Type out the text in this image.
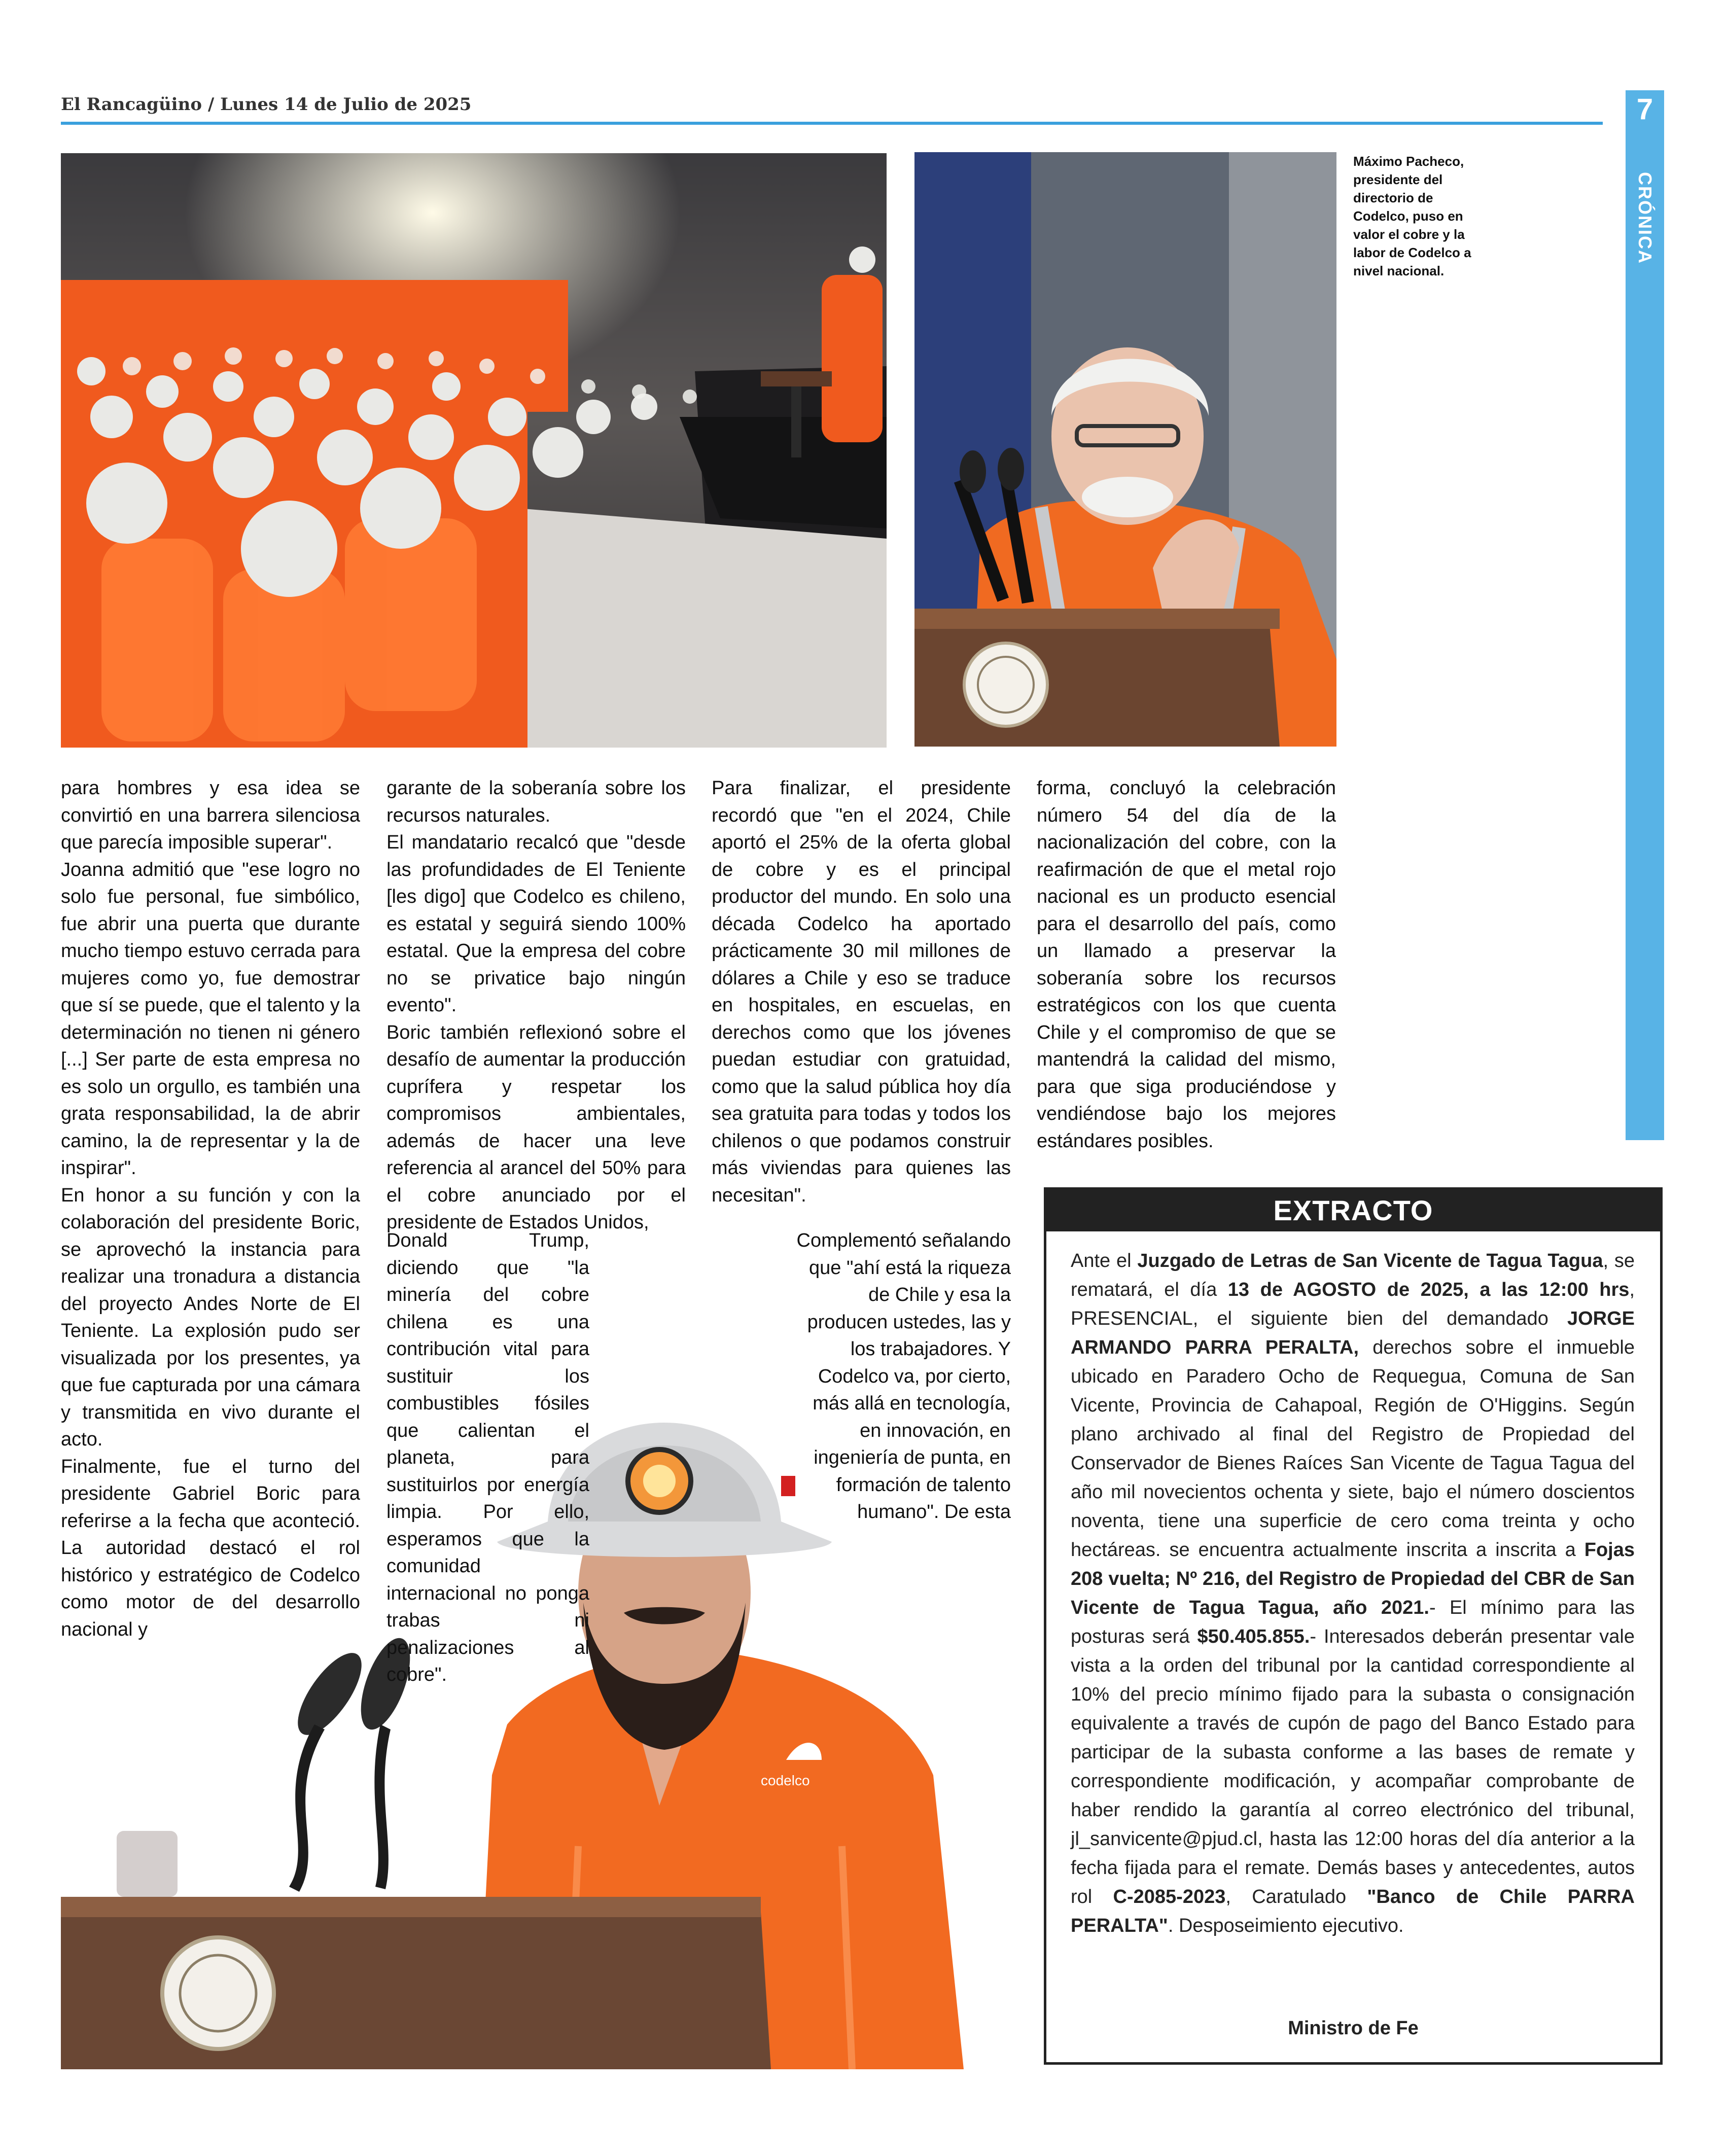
El Rancagüino / Lunes 14 de Julio de 2025	7
CRÓNICA
Máximo Pacheco, presidente del directorio de Codelco, puso en valor el cobre y la labor de Codelco a nivel nacional.
codelco

para hombres y esa idea se convirtió en una barrera silenciosa que parecía imposible superar".

Joanna admitió que "ese logro no solo fue personal, fue simbólico, fue abrir una puerta que durante mucho tiempo estuvo cerrada para mujeres como yo, fue demostrar que sí se puede, que el talento y la determinación no tienen ni género [...] Ser parte de esta empresa no es solo un orgullo, es también una grata responsabilidad, la de abrir camino, la de representar y la de inspirar".

En honor a su función y con la colaboración del presidente Boric, se aprovechó la instancia para realizar una tronadura a distancia del proyecto Andes Norte de El Teniente. La explosión pudo ser visualizada por los presentes, ya que fue capturada por una cámara y transmitida en vivo durante el acto.

Finalmente, fue el turno del presidente Gabriel Boric para referirse a la fecha que aconteció. La autoridad destacó el rol histórico y estratégico de Codelco como motor de del desarrollo nacional y

garante de la soberanía sobre los recursos naturales.

El mandatario recalcó que "desde las profundidades de El Teniente [les digo] que Codelco es chileno, es estatal y seguirá siendo 100% estatal. Que la empresa del cobre no se privatice bajo ningún evento".

Boric también reflexionó sobre el desafío de aumentar la producción cuprífera y respetar los compromisos ambientales, además de hacer una leve referencia al arancel del 50% para el cobre anunciado por el presidente de Estados Unidos,

Donald Trump, diciendo que "la minería del cobre chilena es una contribución vital para sustituir los combustibles fósiles que calientan el planeta, para sustituirlos por energía limpia. Por ello, esperamos que la comunidad internacional no ponga trabas ni penalizaciones al cobre".

Para finalizar, el presidente recordó que "en el 2024, Chile aportó el 25% de la oferta global de cobre y es el principal productor del mundo. En solo una década Codelco ha aportado prácticamente 30 mil millones de dólares a Chile y eso se traduce en hospitales, en escuelas, en derechos como que los jóvenes puedan estudiar con gratuidad, como que la salud pública hoy día sea gratuita para todas y todos los chilenos o que podamos construir más viviendas para quienes las necesitan".

Complementó señalando que "ahí está la riqueza de Chile y esa la producen ustedes, las y los trabajadores. Y Codelco va, por cierto, más allá en tecnología, en innovación, en ingeniería de punta, en formación de talento humano". De esta

forma, concluyó la celebración número 54 del día de la nacionalización del cobre, con la reafirmación de que el metal rojo nacional es un producto esencial para el desarrollo del país, como un llamado a preservar la soberanía sobre los recursos estratégicos con los que cuenta Chile y el compromiso de que se mantendrá la calidad del mismo, para que siga produciéndose y vendiéndose bajo los mejores estándares posibles.

EXTRACTO
Ante el Juzgado de Letras de San Vicente de Tagua Tagua, se rematará, el día 13 de AGOSTO de 2025, a las 12:00 hrs, PRESENCIAL, el siguiente bien del demandado JORGE ARMANDO PARRA PERALTA, derechos sobre el inmueble ubicado en Paradero Ocho de Requegua, Comuna de San Vicente, Provincia de Cahapoal, Región de O'Higgins. Según plano archivado al final del Registro de Propiedad del Conservador de Bienes Raíces San Vicente de Tagua Tagua del año mil novecientos ochenta y siete, bajo el número doscientos noventa, tiene una superficie de cero coma treinta y ocho hectáreas. se encuentra actualmente inscrita a inscrita a Fojas 208 vuelta; Nº 216, del Registro de Propiedad del CBR de San Vicente de Tagua Tagua, año 2021.- El mínimo para las posturas será $50.405.855.- Interesados deberán presentar vale vista a la orden del tribunal por la cantidad correspondiente al 10% del precio mínimo fijado para la subasta o consignación equivalente a través de cupón de pago del Banco Estado para participar de la subasta conforme a las bases de remate y correspondiente modificación, y acompañar comprobante de haber rendido la garantía al correo electrónico del tribunal, jl_sanvicente@pjud.cl, hasta las 12:00 horas del día anterior a la fecha fijada para el remate. Demás bases y antecedentes, autos rol C-2085-2023, Caratulado "Banco de Chile PARRA PERALTA". Desposeimiento ejecutivo.
Ministro de Fe
